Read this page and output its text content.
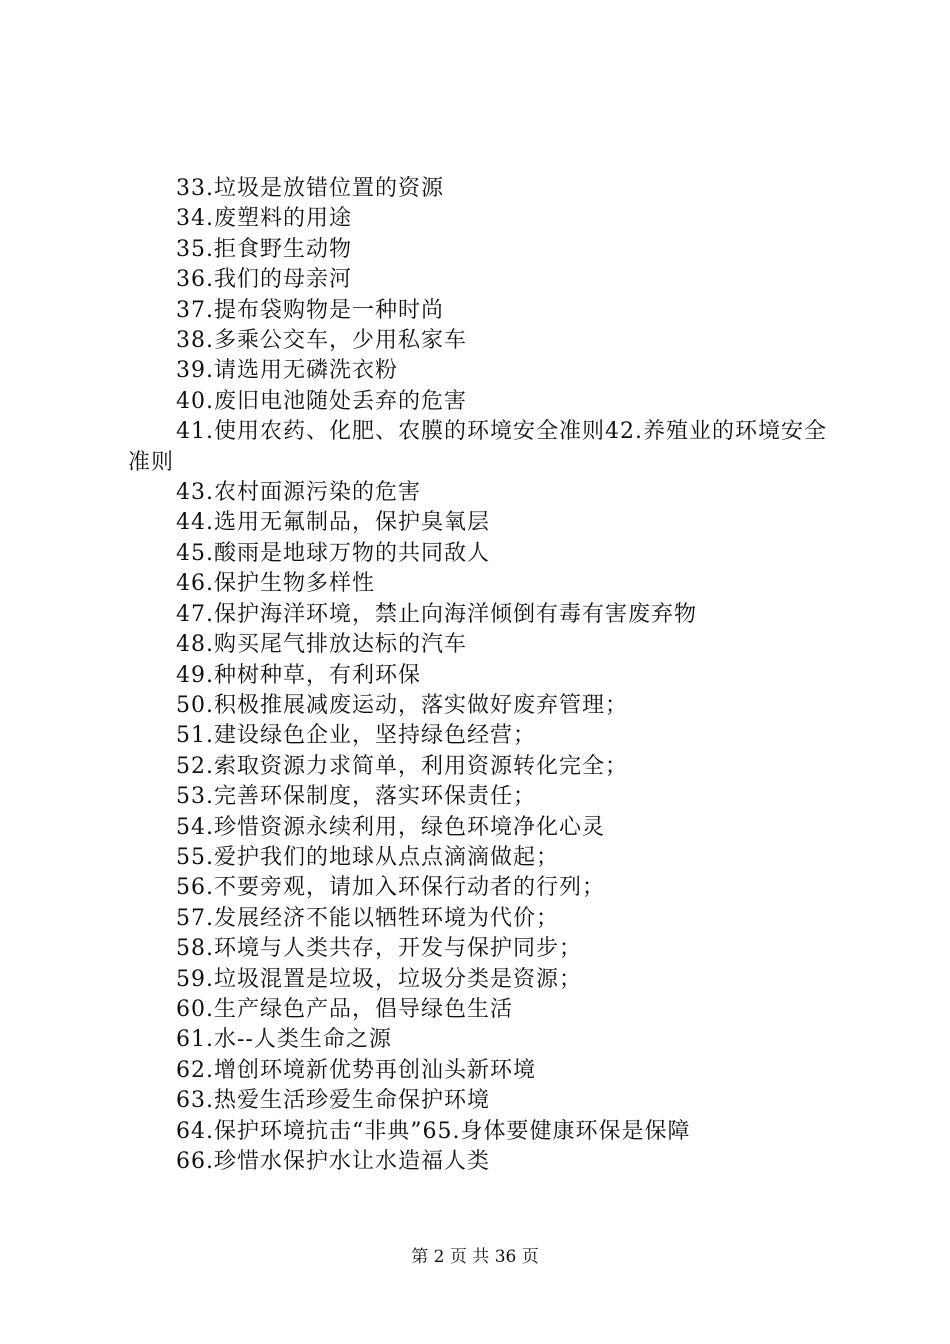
33.垃圾是放错位置的资源

34.废塑料的用途

35.拒食野生动物

36.我们的母亲河

37.提布袋购物是一种时尚

38.多乘公交车，少用私家车

39.请选用无磷洗衣粉

40.废旧电池随处丢弃的危害

41.使用农药、化肥、农膜的环境安全准则42.养殖业的环境安全准则

43.农村面源污染的危害

44.选用无氟制品，保护臭氧层

45.酸雨是地球万物的共同敌人

46.保护生物多样性

47.保护海洋环境，禁止向海洋倾倒有毒有害废弃物

48.购买尾气排放达标的汽车

49.种树种草，有利环保

50.积极推展减废运动，落实做好废弃管理；

51.建设绿色企业，坚持绿色经营；

52.索取资源力求简单，利用资源转化完全；

53.完善环保制度，落实环保责任；

54.珍惜资源永续利用，绿色环境净化心灵

55.爱护我们的地球从点点滴滴做起；

56.不要旁观，请加入环保行动者的行列；

57.发展经济不能以牺牲环境为代价；

58.环境与人类共存，开发与保护同步；

59.垃圾混置是垃圾，垃圾分类是资源；

60.生产绿色产品，倡导绿色生活

61.水--人类生命之源

62.增创环境新优势再创汕头新环境

63.热爱生活珍爱生命保护环境

64.保护环境抗击“非典”65.身体要健康环保是保障

66.珍惜水保护水让水造福人类

第 2 页 共 36 页
